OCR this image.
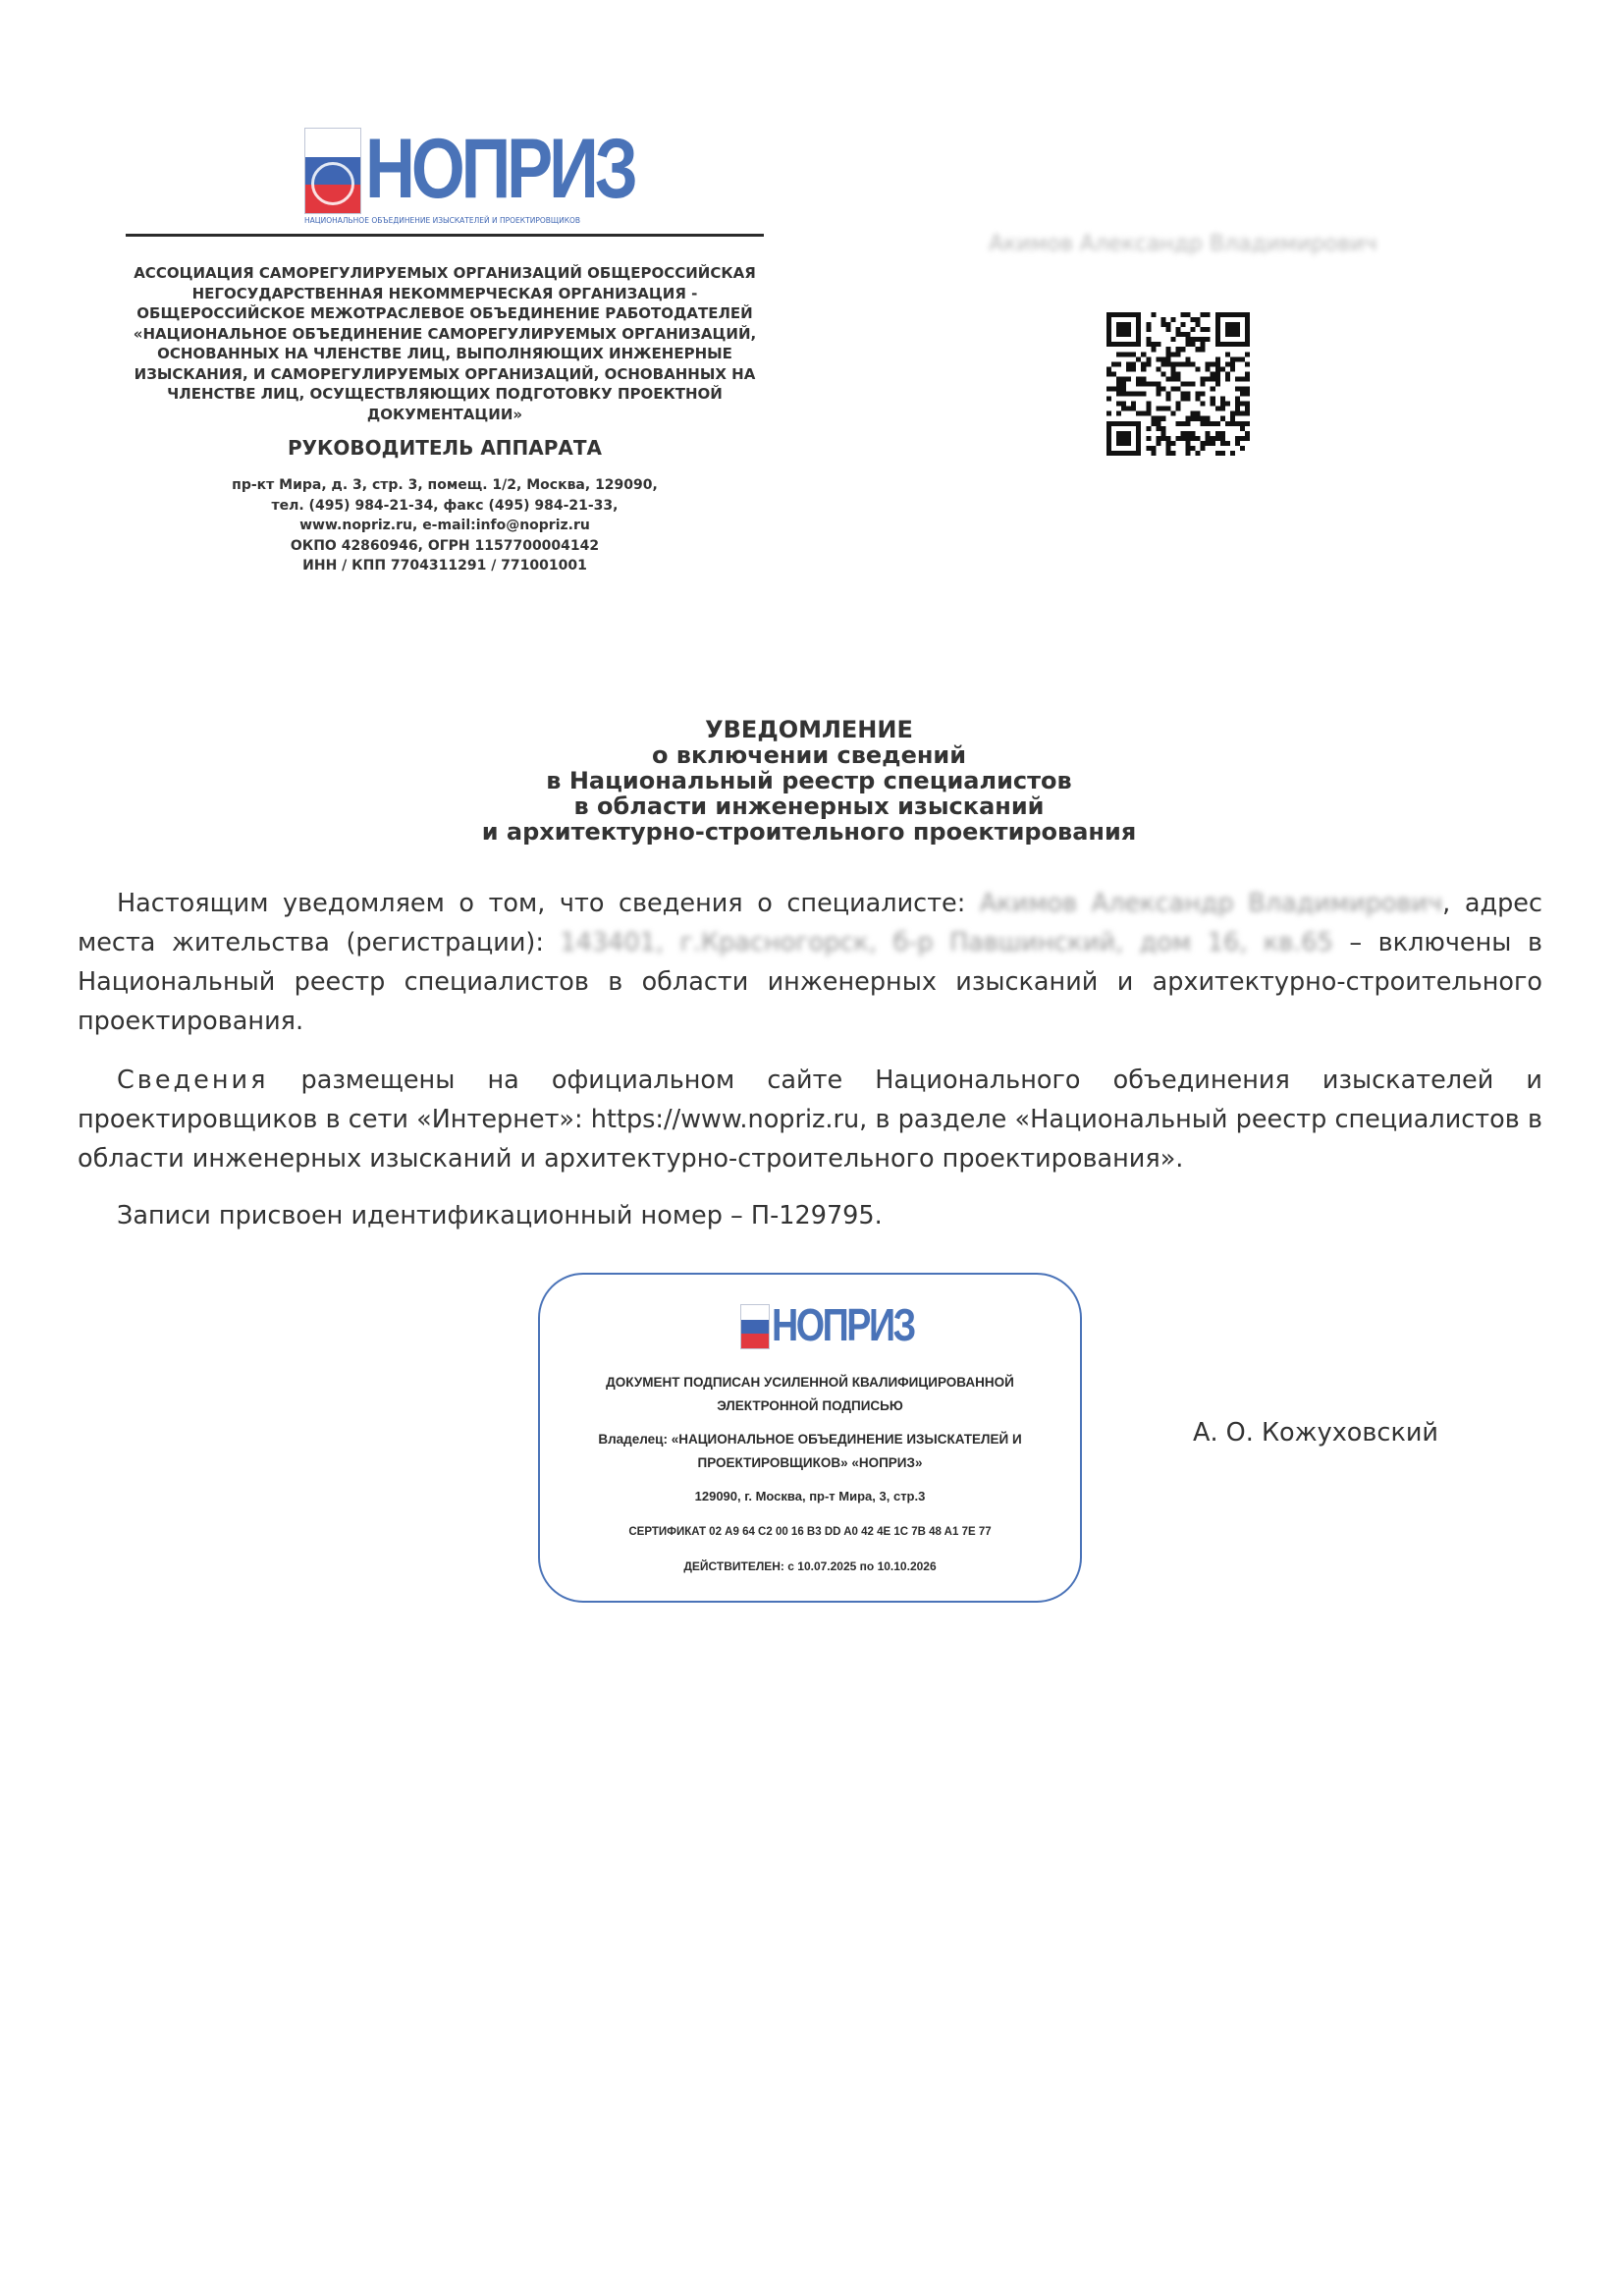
НОПРИЗ
НАЦИОНАЛЬНОЕ ОБЪЕДИНЕНИЕ ИЗЫСКАТЕЛЕЙ И ПРОЕКТИРОВЩИКОВ
АССОЦИАЦИЯ САМОРЕГУЛИРУЕМЫХ ОРГАНИЗАЦИЙ ОБЩЕРОССИЙСКАЯ
НЕГОСУДАРСТВЕННАЯ НЕКОММЕРЧЕСКАЯ ОРГАНИЗАЦИЯ -
ОБЩЕРОССИЙСКОЕ МЕЖОТРАСЛЕВОЕ ОБЪЕДИНЕНИЕ РАБОТОДАТЕЛЕЙ
«НАЦИОНАЛЬНОЕ ОБЪЕДИНЕНИЕ САМОРЕГУЛИРУЕМЫХ ОРГАНИЗАЦИЙ,
ОСНОВАННЫХ НА ЧЛЕНСТВЕ ЛИЦ, ВЫПОЛНЯЮЩИХ ИНЖЕНЕРНЫЕ
ИЗЫСКАНИЯ, И САМОРЕГУЛИРУЕМЫХ ОРГАНИЗАЦИЙ, ОСНОВАННЫХ НА
ЧЛЕНСТВЕ ЛИЦ, ОСУЩЕСТВЛЯЮЩИХ ПОДГОТОВКУ ПРОЕКТНОЙ
ДОКУМЕНТАЦИИ»
РУКОВОДИТЕЛЬ АППАРАТА
пр-кт Мира, д. 3, стр. 3, помещ. 1/2, Москва, 129090,
тел. (495) 984-21-34, факс (495) 984-21-33,
www.nopriz.ru, e-mail:info@nopriz.ru
ОКПО 42860946, ОГРН 1157700004142
ИНН / КПП 7704311291 / 771001001
Акимов Александр Владимирович
УВЕДОМЛЕНИЕ
о включении сведений
в Национальный реестр специалистов
в области инженерных изысканий
и архитектурно-строительного проектирования
Настоящим уведомляем о том, что сведения о специалисте: Акимов Александр Владимирович, адрес места жительства (регистрации): 143401, г.Красногорск, б-р Павшинский, дом 16, кв.65 – включены в Национальный реестр специалистов в области инженерных изысканий и архитектурно-строительного проектирования.
Сведения размещены на официальном сайте Национального объединения изыскателей и проектировщиков в сети «Интернет»: https://www.nopriz.ru, в разделе «Национальный реестр специалистов в области инженерных изысканий и архитектурно-строительного проектирования».
Записи присвоен идентификационный номер – П-129795.
НОПРИЗ
ДОКУМЕНТ ПОДПИСАН УСИЛЕННОЙ КВАЛИФИЦИРОВАННОЙ
ЭЛЕКТРОННОЙ ПОДПИСЬЮ
Владелец: «НАЦИОНАЛЬНОЕ ОБЪЕДИНЕНИЕ ИЗЫСКАТЕЛЕЙ И
ПРОЕКТИРОВЩИКОВ» «НОПРИЗ»
129090, г. Москва, пр-т Мира, 3, стр.3
СЕРТИФИКАТ 02 A9 64 C2 00 16 B3 DD A0 42 4E 1C 7B 48 A1 7E 77
ДЕЙСТВИТЕЛЕН: с 10.07.2025 по 10.10.2026
А. О. Кожуховский
